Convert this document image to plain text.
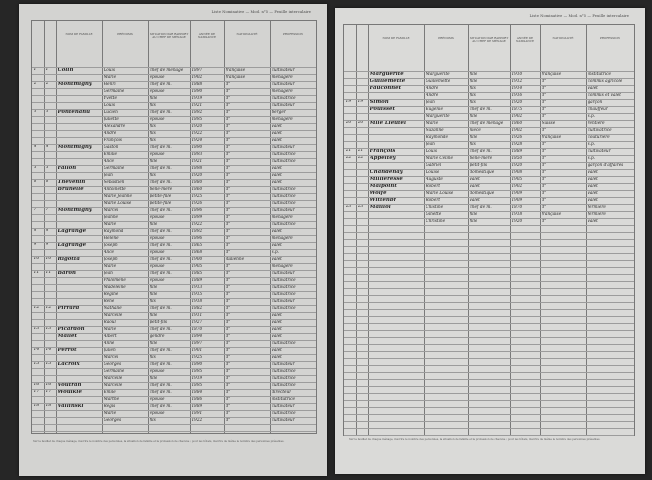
Liste Nominative — Mod. n°5 — Feuille intercalaire
NOM DE FAMILLE	PRÉNOMS	SITUATION PAR RAPPORT AU CHEF DE MÉNAGE
ANNÉE DE NAISSANCE
NATIONALITÉ	PROFESSION
1 1 Colin	Louis	chef de ménage 1897	française	cultivateur
Marie	épouse	1902	française	ménagère
2 2 Montmigny	Henri	chef de m.	1888	d°	cultivateur
Germaine	épouse	1890	d°	ménagère
Yvette	fille	1919	d°	cultivatrice
Louis	fils	1921	d°	cultivateur
3 3 Pontenanu	Lucien	chef de m.	1892	d°	berger
Juliette	épouse	1895	d°	ménagère
Alexandre	fils	1920	d°	valet
André	fils	1922	d°	valet
François	fils	1924	d°	valet
4 4 Montmigny	Gaston	chef de m.	1890	d°	cultivateur
Emilie	épouse	1893	d°	cultivatrice
Alice	fille	1921	d°	cultivatrice
5 5 Fallon	Germaine	chef de m.	1898	d°	valet
Jean	fils	1920	d°	valet
6 6 Thévenin	Sébastien	chef de m.	1880	d°	valet
Brunelle	Antoinette	belle-mère	1860	d°	cultivatrice
Marie Jeanne	petite-fille	1925	d°	cultivatrice
Marie Louise	petite-fille	1926	d°	cultivatrice
7 7 Montmigny	Marcel	chef de m.	1896	d°	cultivateur
Jeanne	épouse	1899	d°	ménagère
Marie	fille	1922	d°	cultivatrice
8 8 Lagrange	Raymond	chef de m.	1892	d°	valet
Hélène	épouse	1896	d°	ménagère
9 9 Lagrange	Joseph	chef de m.	1865	d°	valet
Alice	épouse	1868	d°	s.p.
10 10 Rigotta	Joseph	chef de m.	1900	italienne	valet
Marie	épouse	1905	d°	ménagère
11 11 Baron	Jean	chef de m.	1885	d°	cultivateur
Philomène	épouse	1889	d°	cultivatrice
Madeleine	fille	1913	d°	cultivatrice
Régine	fille	1915	d°	cultivatrice
René	fils	1918	d°	cultivateur
12 12 Pirrard	Nathalie	chef de m.	1882	d°	cultivatrice
Marcelle	fille	1911	d°	valet
Raoul	petit-fils	1927	d°	valet
13 13 Picardon	Marie	chef de m.	1870	d°	valet
Mallet	Albert	gendre	1894	d°	valet
Anne	fille	1897	d°	cultivatrice
14 14 Perrot	Julien	chef de m.	1901	d°	valet
Marcel	fils	1925	d°	valet
15 15 Lacroix	Georges	chef de m.	1890	d°	cultivateur
Germaine	épouse	1895	d°	cultivatrice
Marcelle	fille	1919	d°	cultivatrice
16 16 Voutran	Marcelle	chef de m.	1895	d°	cultivatrice
17 17 Woulkie	Emile	chef de m.	1884	d°	directeur
Marthe	épouse	1886	d°	institutrice
18 18 Vallinski	Régis	chef de m.	1889	d°	cultivateur
Marie	épouse	1891	d°	cultivatrice
Georges	fils	1922	d°	cultivateur
Sur le feuillet de chaque ménage, inscrire le nombre des personnes, la situation de famille et la profession de chacune ; pour les hôtels, inscrire de même le nombre des personnes présentes.
Liste Nominative — Mod. n°5 — Feuille intercalaire
NOM DE FAMILLE	PRÉNOMS	SITUATION PAR RAPPORT AU CHEF DE MÉNAGE
ANNÉE DE NAISSANCE
NATIONALITÉ	PROFESSION
Marguerite	Marguerite	fille	1910	française	institutrice
Guillemette	Guillemette	fille	1912	d°	commis agricole
Fauconnet	André	fils	1914	d°	valet
André	fils	1916	d°	commis et valet
19 19 Simon	Jean	fils	1920	d°	garçon
Pouisset	Eugénie	chef de m.	1875	d°	chauffeur
Marguerite	fille	1902	d°	s.p.
20 20 Mlle Lieutel	Marie	chef de ménage 1860	Suisse	rentière
Suzanne	nièce	1902	d°	cultivatrice
Raymonde	fille	1926	française	couturière
Jean	fils	1928	d°	s.p.
21 21 François	Louis	chef de m.	1889	d°	cultivateur
22 22 Appeltey	Marie Céline	belle-mère	1850	d°	s.p.
Gabriel	petit-fils	1920	d°	garçon d'affaires
Chandenay	Louise	domestique	1908	d°	valet
Millieresse	Auguste	valet	1905	d°	valet
Malpoint	Robert	valet	1902	d°	valet
Wolfe	Marie Louise	domestique	1909	d°	valet
Wittenbr	Robert	valet	1909	d°	valet
23 23 Maillol	Chistine	chef de m.	1870	d°	fermière
Ginette	fille	1918	française	fermière
Christine	fille	1920	d°	valet
Sur le feuillet de chaque ménage, inscrire le nombre des personnes, la situation de famille et la profession de chacune ; pour les hôtels, inscrire de même le nombre des personnes présentes.
